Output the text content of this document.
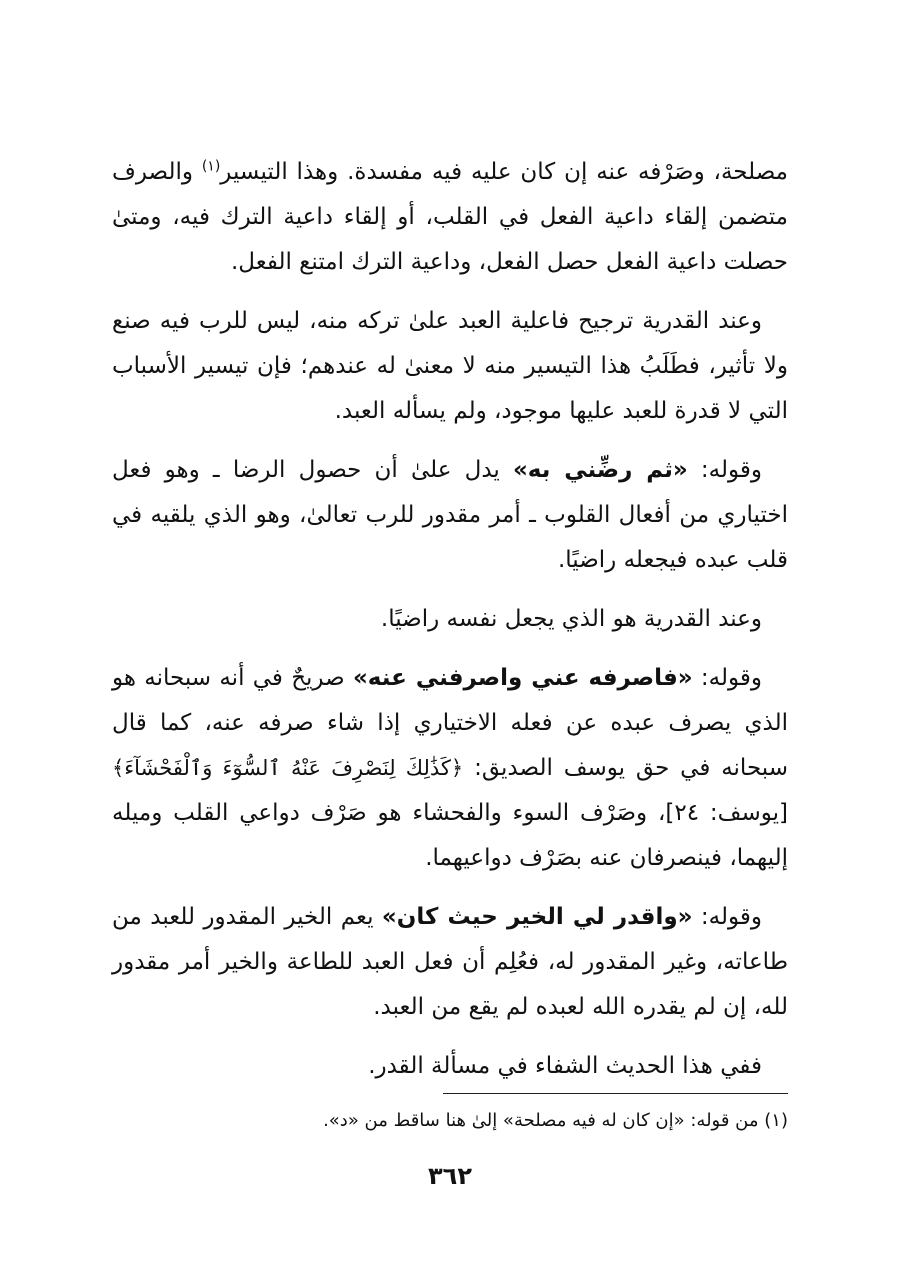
مصلحة، وصَرْفه عنه إن كان عليه فيه مفسدة. وهذا التيسير$^{(١)}$ والصرف متضمن إلقاء داعية الفعل في القلب، أو إلقاء داعية الترك فيه، ومتىٰ حصلت داعية الفعل حصل الفعل، وداعية الترك امتنع الفعل.

وعند القدرية ترجيح فاعلية العبد علىٰ تركه منه، ليس للرب فيه صنع ولا تأثير، فطَلَبُ هذا التيسير منه لا معنىٰ له عندهم؛ فإن تيسير الأسباب التي لا قدرة للعبد عليها موجود، ولم يسأله العبد.

وقوله: «ثم رضِّني به» يدل علىٰ أن حصول الرضا ـ وهو فعل اختياري من أفعال القلوب ـ أمر مقدور للرب تعالىٰ، وهو الذي يلقيه في قلب عبده فيجعله راضيًا.

وعند القدرية هو الذي يجعل نفسه راضيًا.

وقوله: «فاصرفه عني واصرفني عنه» صريحٌ في أنه سبحانه هو الذي يصرف عبده عن فعله الاختياري إذا شاء صرفه عنه، كما قال سبحانه في حق يوسف الصديق: ﴿كَذَٰلِكَ لِنَصْرِفَ عَنْهُ ٱلسُّوٓءَ وَٱلْفَحْشَآءَ﴾ [يوسف: ٢٤]، وصَرْف السوء والفحشاء هو صَرْف دواعي القلب وميله إليهما، فينصرفان عنه بصَرْف دواعيهما.

وقوله: «واقدر لي الخير حيث كان» يعم الخير المقدور للعبد من طاعاته، وغير المقدور له، فعُلِم أن فعل العبد للطاعة والخير أمر مقدور لله، إن لم يقدره الله لعبده لم يقع من العبد.

ففي هذا الحديث الشفاء في مسألة القدر.

(١) من قوله: «إن كان له فيه مصلحة» إلىٰ هنا ساقط من «د».
٣٦٢
